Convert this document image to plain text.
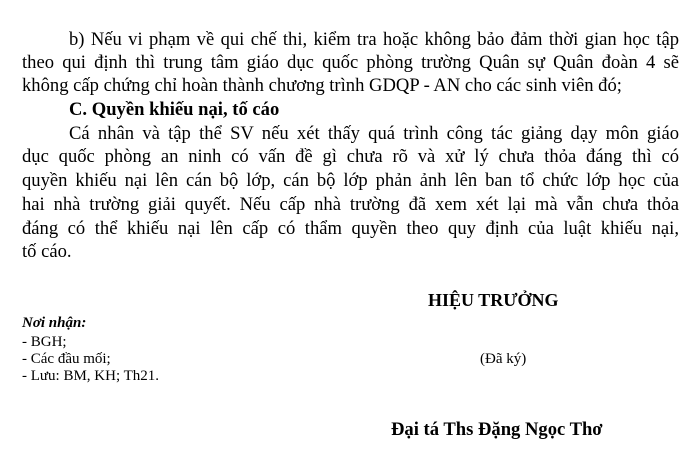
b) Nếu vi phạm về qui chế thi, kiểm tra hoặc không bảo đảm thời gian học tập
theo qui định thì trung tâm giáo dục quốc phòng trường Quân sự Quân đoàn 4 sẽ
không cấp chứng chỉ hoàn thành chương trình GDQP - AN cho các sinh viên đó;
C. Quyền khiếu nại, tố cáo
Cá nhân và tập thể SV nếu xét thấy quá trình công tác giảng dạy môn giáo
dục quốc phòng an ninh có vấn đề gì chưa rõ và xử lý chưa thỏa đáng thì có
quyền khiếu nại lên cán bộ lớp, cán bộ lớp phản ảnh lên ban tổ chức lớp học của
hai nhà trường giải quyết. Nếu cấp nhà trường đã xem xét lại mà vẫn chưa thỏa
đáng có thể khiếu nại lên cấp có thẩm quyền theo quy định của luật khiếu nại,
tố cáo.
HIỆU TRƯỞNG
Nơi nhận:
- BGH;
- Các đầu mối;
- Lưu: BM, KH; Th21.
(Đã ký)
Đại tá Ths Đặng Ngọc Thơ
